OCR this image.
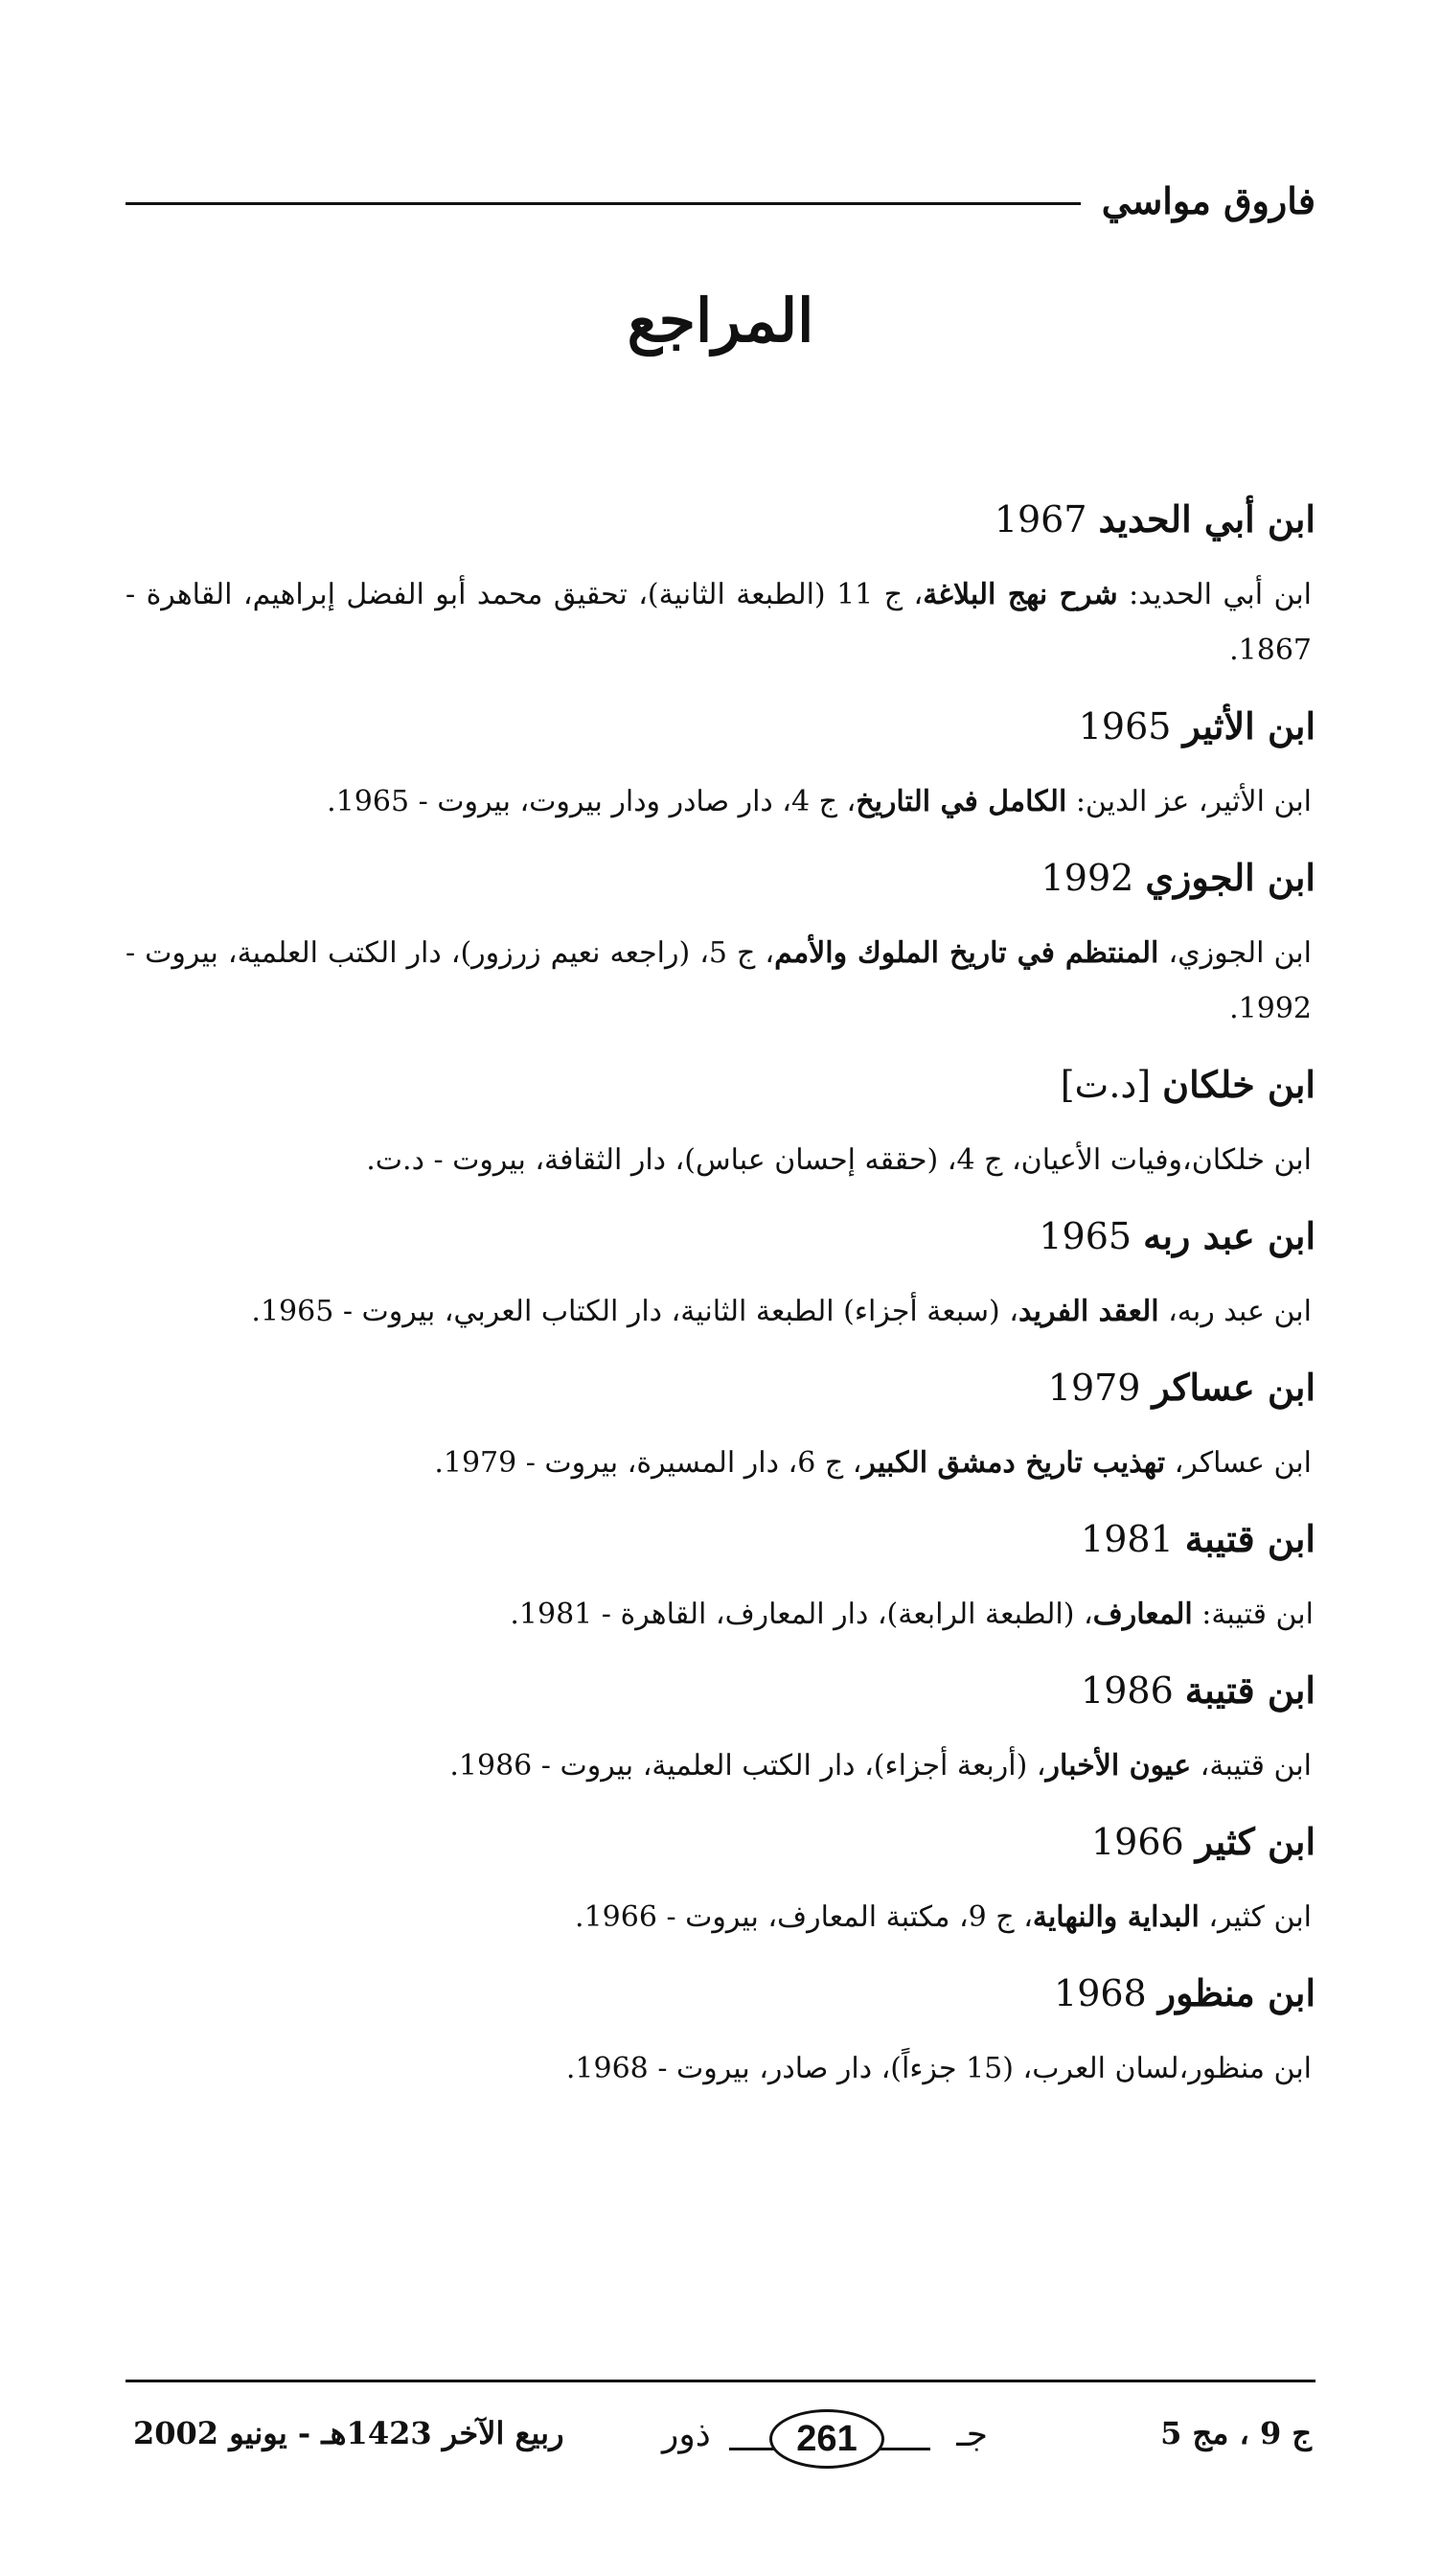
فاروق مواسي
المراجع
ابن أبي الحديد1967

ابن أبي الحديد: شرح نهج البلاغة، ج 11 (الطبعة الثانية)، تحقيق محمد أبو الفضل إبراهيم، القاهرة - 1867.

ابن الأثير1965

ابن الأثير، عز الدين: الكامل في التاريخ، ج 4، دار صادر ودار بيروت، بيروت - 1965.

ابن الجوزي1992

ابن الجوزي، المنتظم في تاريخ الملوك والأمم، ج 5، (راجعه نعيم زرزور)، دار الكتب العلمية، بيروت - 1992.

ابن خلكان[د.ت]

ابن خلكان،وفيات الأعيان، ج 4، (حققه إحسان عباس)، دار الثقافة، بيروت - د.ت.

ابن عبد ربه1965

ابن عبد ربه، العقد الفريد، (سبعة أجزاء) الطبعة الثانية، دار الكتاب العربي، بيروت - 1965.

ابن عساكر1979

ابن عساكر، تهذيب تاريخ دمشق الكبير، ج 6، دار المسيرة، بيروت - 1979.

ابن قتيبة1981

ابن قتيبة: المعارف، (الطبعة الرابعة)، دار المعارف، القاهرة - 1981.

ابن قتيبة1986

ابن قتيبة، عيون الأخبار، (أربعة أجزاء)، دار الكتب العلمية، بيروت - 1986.

ابن كثير1966

ابن كثير، البداية والنهاية، ج 9، مكتبة المعارف، بيروت - 1966.

ابن منظور1968

ابن منظور،لسان العرب، (15 جزءاً)، دار صادر، بيروت - 1968.

ربيع الآخر 1423هـ - يونيو 2002	ذور	261	جـ	ج 9 ، مج 5
